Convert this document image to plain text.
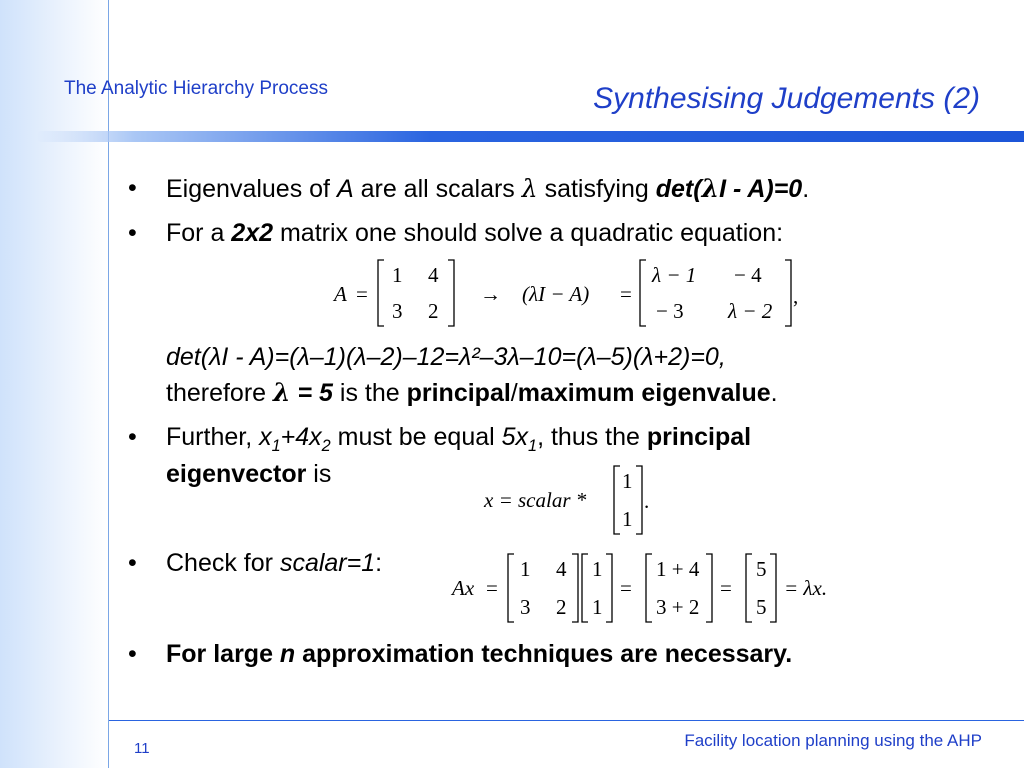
The Analytic Hierarchy Process	Synthesising Judgements (2)
• Eigenvalues of A are all scalars λ satisfying det(λI - A)=0.
• For a 2x2 matrix one should solve a quadratic equation:
A =
1 4
3 2
→ (λI − A) =
λ − 1 − 4
− 3 λ − 2
,
det(λI - A)=(λ–1)(λ–2)–12=λ²–3λ–10=(λ–5)(λ+2)=0,
therefore λ = 5 is the principal/maximum eigenvalue.
• Further, $x_1+4x_2$ must be equal $5x_1$, thus the principal
eigenvector is
x = scalar *
1
1
.
• Check for scalar=1:
Ax =
1 4
3 2
1
1
=
1 + 4
3 + 2
=
5
5
= λx.
• For large n approximation techniques are necessary.
11	Facility location planning using the AHP
